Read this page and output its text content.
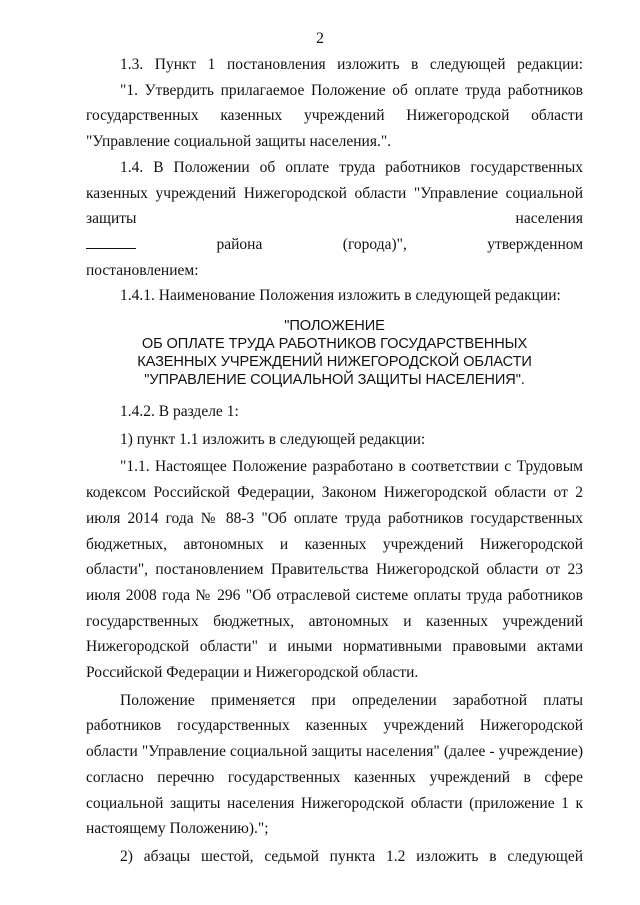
2

1.3. Пункт 1 постановления изложить в следующей редакции:

"1. Утвердить прилагаемое Положение об оплате труда работников государственных казенных учреждений Нижегородской области

"Управление социальной защиты населения.".

1.4. В Положении об оплате труда работников государственных казенных учреждений Нижегородской области "Управление социальной защиты населения

района (города)", утвержденном

постановлением:

1.4.1. Наименование Положения изложить в следующей редакции:

"ПОЛОЖЕНИЕ
ОБ ОПЛАТЕ ТРУДА РАБОТНИКОВ ГОСУДАРСТВЕННЫХ
КАЗЕННЫХ УЧРЕЖДЕНИЙ НИЖЕГОРОДСКОЙ ОБЛАСТИ
"УПРАВЛЕНИЕ СОЦИАЛЬНОЙ ЗАЩИТЫ НАСЕЛЕНИЯ".

1.4.2. В разделе 1:

1) пункт 1.1 изложить в следующей редакции:

"1.1. Настоящее Положение разработано в соответствии с Трудовым кодексом Российской Федерации, Законом Нижегородской области от 2 июля 2014 года № 88-З "Об оплате труда работников государственных бюджетных, автономных и казенных учреждений Нижегородской области", постановлением Правительства Нижегородской области от 23 июля 2008 года № 296 "Об отраслевой системе оплаты труда работников государственных бюджетных, автономных и казенных учреждений Нижегородской области" и иными нормативными правовыми актами

Российской Федерации и Нижегородской области.

Положение применяется при определении заработной платы работников государственных казенных учреждений Нижегородской области "Управление социальной защиты населения" (далее - учреждение) согласно перечню государственных казенных учреждений в сфере социальной защиты населения Нижегородской области (приложение 1 к

настоящему Положению).";

2) абзацы шестой, седьмой пункта 1.2 изложить в следующей
